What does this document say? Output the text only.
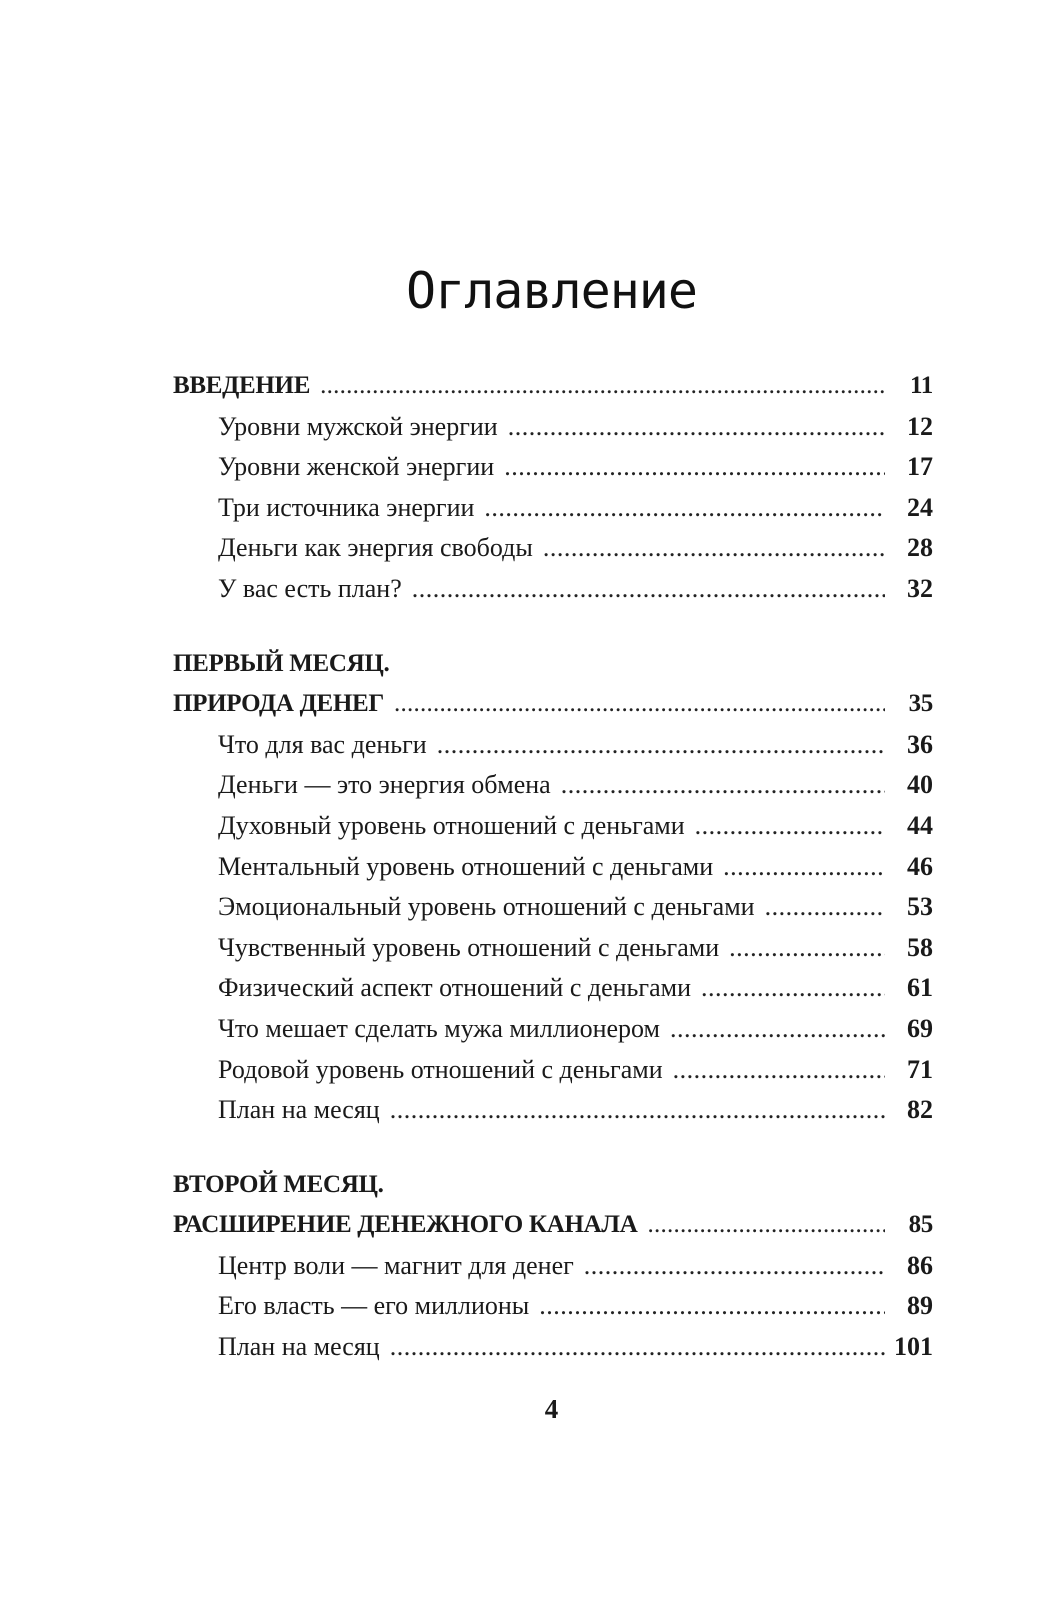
Оглавление
ВВЕДЕНИЕ . . .	11
Уровни мужской энергии . . .	12
Уровни женской энергии . . .	17
Три источника энергии . . .	24
Деньги как энергия свободы . . .	28
У вас есть план? . . .	32
ПЕРВЫЙ МЕСЯЦ.
ПРИРОДА ДЕНЕГ . . .	35
Что для вас деньги . . .	36
Деньги — это энергия обмена . . .	40
Духовный уровень отношений с деньгами . . .	44
Ментальный уровень отношений с деньгами . . .	46
Эмоциональный уровень отношений с деньгами . . .	53
Чувственный уровень отношений с деньгами . . .	58
Физический аспект отношений с деньгами . . .	61
Что мешает сделать мужа миллионером . . .	69
Родовой уровень отношений с деньгами . . .	71
План на месяц . . .	82
ВТОРОЙ МЕСЯЦ.
РАСШИРЕНИЕ ДЕНЕЖНОГО КАНАЛА . . .	85
Центр воли — магнит для денег . . .	86
Его власть — его миллионы . . .	89
План на месяц . . .	101
4
